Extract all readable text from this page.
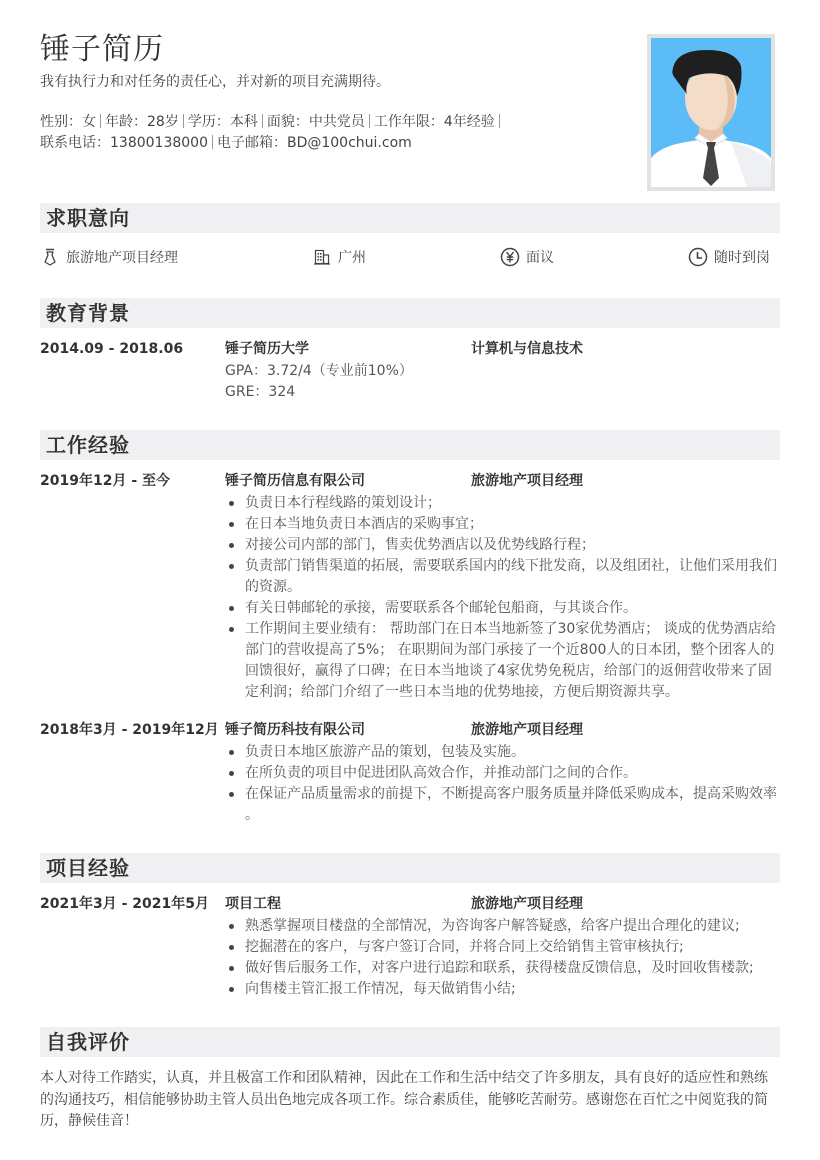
锤子简历
我有执行力和对任务的责任心，并对新的项目充满期待。
性别：女 年龄：28岁 学历：本科 面貌：中共党员 工作年限：4年经验
联系电话：13800138000 电子邮箱：BD@100chui.com
求职意向
旅游地产项目经理	广州	面议	随时到岗
教育背景
2014.09 - 2018.06	锤子简历大学	计算机与信息技术
GPA：3.72/4（专业前10%）
GRE：324
工作经验
2019年12月 - 至今	锤子简历信息有限公司	旅游地产项目经理
负责日本行程线路的策划设计；
在日本当地负责日本酒店的采购事宜；
对接公司内部的部门，售卖优势酒店以及优势线路行程；
负责部门销售渠道的拓展，需要联系国内的线下批发商，以及组团社，让他们采用我们的资源。
有关日韩邮轮的承接，需要联系各个邮轮包船商，与其谈合作。
工作期间主要业绩有： 帮助部门在日本当地新签了30家优势酒店； 谈成的优势酒店给部门的营收提高了5%； 在职期间为部门承接了一个近800人的日本团，整个团客人的回馈很好，赢得了口碑；在日本当地谈了4家优势免税店，给部门的返佣营收带来了固定利润；给部门介绍了一些日本当地的优势地接，方便后期资源共享。
2018年3月 - 2019年12月 锤子简历科技有限公司	旅游地产项目经理
负责日本地区旅游产品的策划，包装及实施。
在所负责的项目中促进团队高效合作，并推动部门之间的合作。
在保证产品质量需求的前提下，不断提高客户服务质量并降低采购成本，提高采购效率 。
项目经验
2021年3月 - 2021年5月 项目工程	旅游地产项目经理
熟悉掌握项目楼盘的全部情况，为咨询客户解答疑惑，给客户提出合理化的建议;
挖掘潜在的客户，与客户签订合同，并将合同上交给销售主管审核执行;
做好售后服务工作，对客户进行追踪和联系，获得楼盘反馈信息，及时回收售楼款;
向售楼主管汇报工作情况，每天做销售小结;
自我评价
本人对待工作踏实，认真，并且极富工作和团队精神，因此在工作和生活中结交了许多朋友，具有良好的适应性和熟练的沟通技巧，相信能够协助主管人员出色地完成各项工作。综合素质佳，能够吃苦耐劳。感谢您在百忙之中阅览我的简历，静候佳音！
